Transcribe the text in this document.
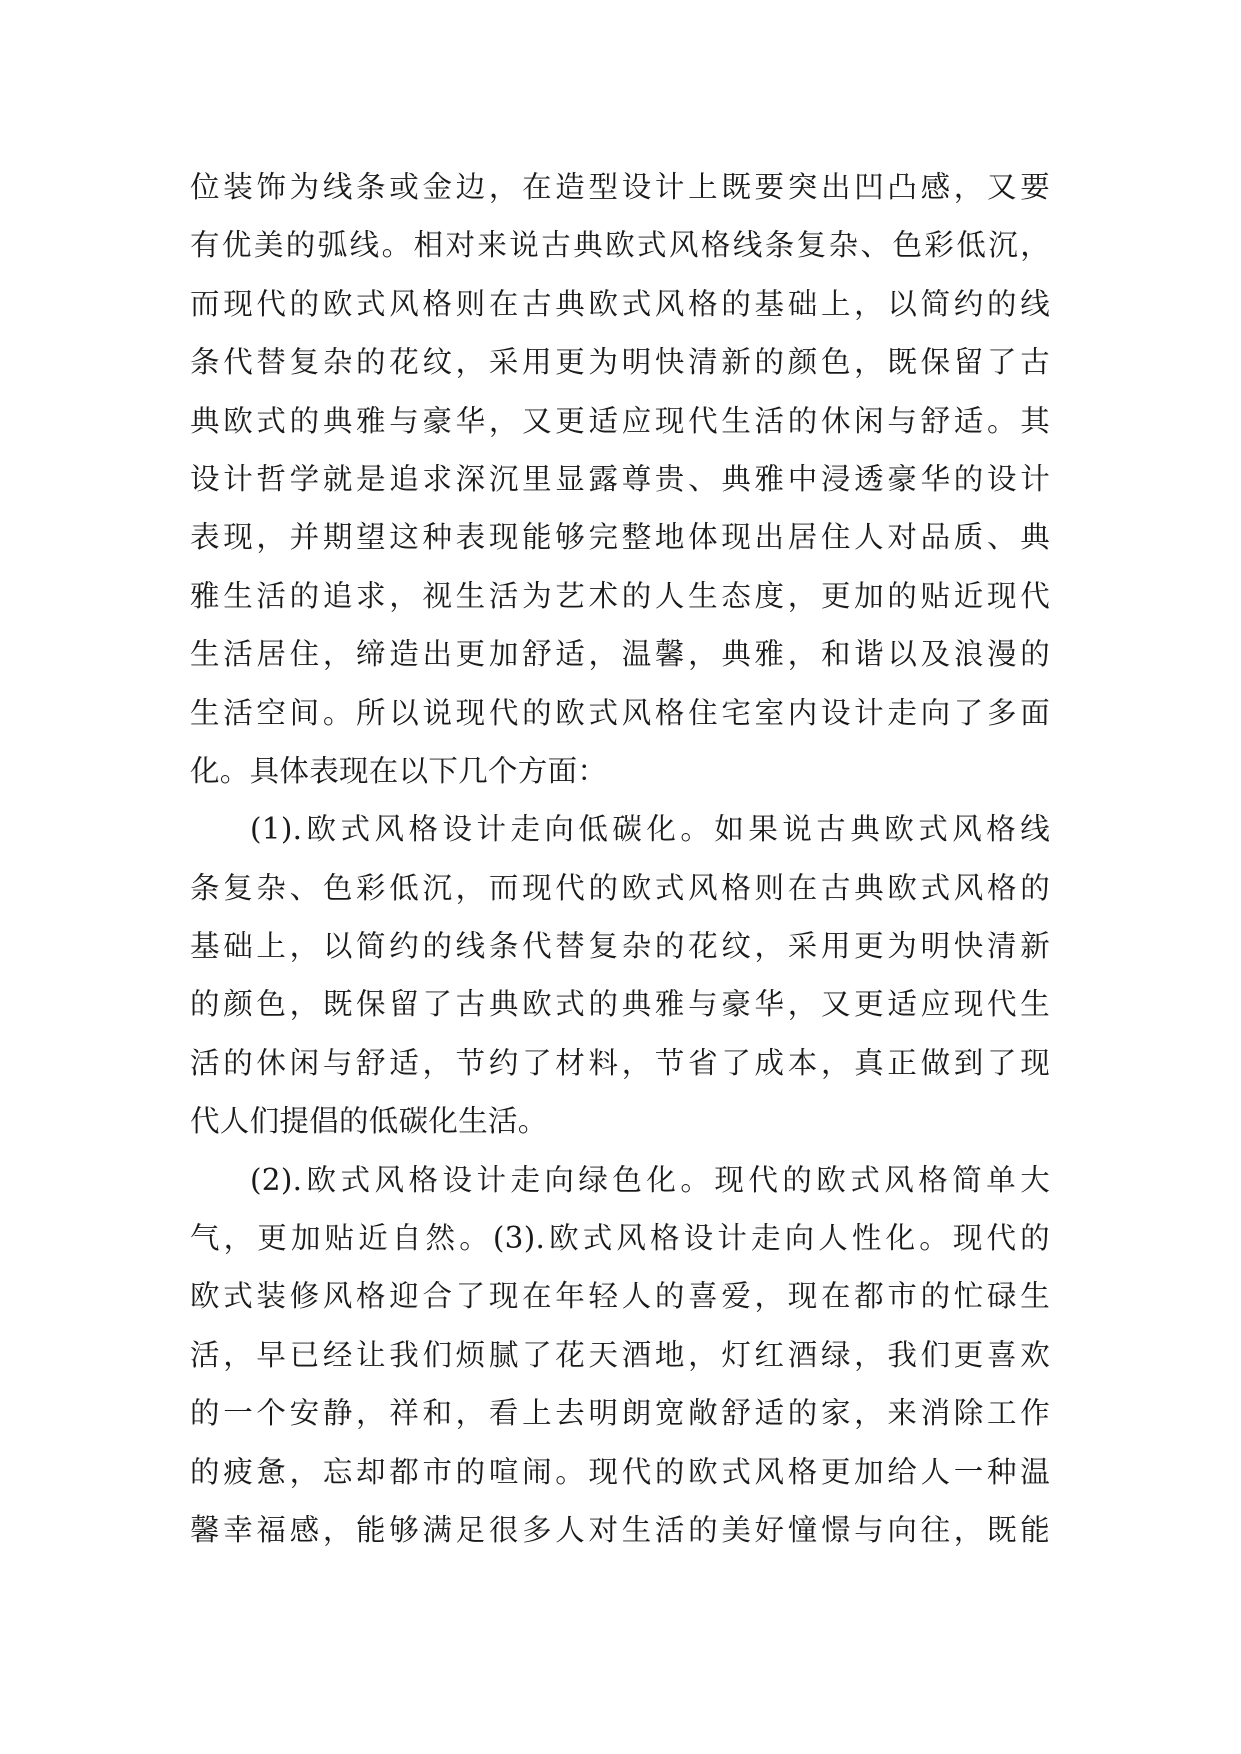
位装饰为线条或金边，在造型设计上既要突出凹凸感，又要
有优美的弧线。相对来说古典欧式风格线条复杂、色彩低沉，
而现代的欧式风格则在古典欧式风格的基础上，以简约的线
条代替复杂的花纹，采用更为明快清新的颜色，既保留了古
典欧式的典雅与豪华，又更适应现代生活的休闲与舒适。其
设计哲学就是追求深沉里显露尊贵、典雅中浸透豪华的设计
表现，并期望这种表现能够完整地体现出居住人对品质、典
雅生活的追求，视生活为艺术的人生态度，更加的贴近现代
生活居住，缔造出更加舒适，温馨，典雅，和谐以及浪漫的
生活空间。所以说现代的欧式风格住宅室内设计走向了多面
化。具体表现在以下几个方面：
(1).欧式风格设计走向低碳化。如果说古典欧式风格线
条复杂、色彩低沉，而现代的欧式风格则在古典欧式风格的
基础上，以简约的线条代替复杂的花纹，采用更为明快清新
的颜色，既保留了古典欧式的典雅与豪华，又更适应现代生
活的休闲与舒适，节约了材料，节省了成本，真正做到了现
代人们提倡的低碳化生活。
(2).欧式风格设计走向绿色化。现代的欧式风格简单大
气，更加贴近自然。(3).欧式风格设计走向人性化。现代的
欧式装修风格迎合了现在年轻人的喜爱，现在都市的忙碌生
活，早已经让我们烦腻了花天酒地，灯红酒绿，我们更喜欢
的一个安静，祥和，看上去明朗宽敞舒适的家，来消除工作
的疲惫，忘却都市的喧闹。现代的欧式风格更加给人一种温
馨幸福感，能够满足很多人对生活的美好憧憬与向往，既能
